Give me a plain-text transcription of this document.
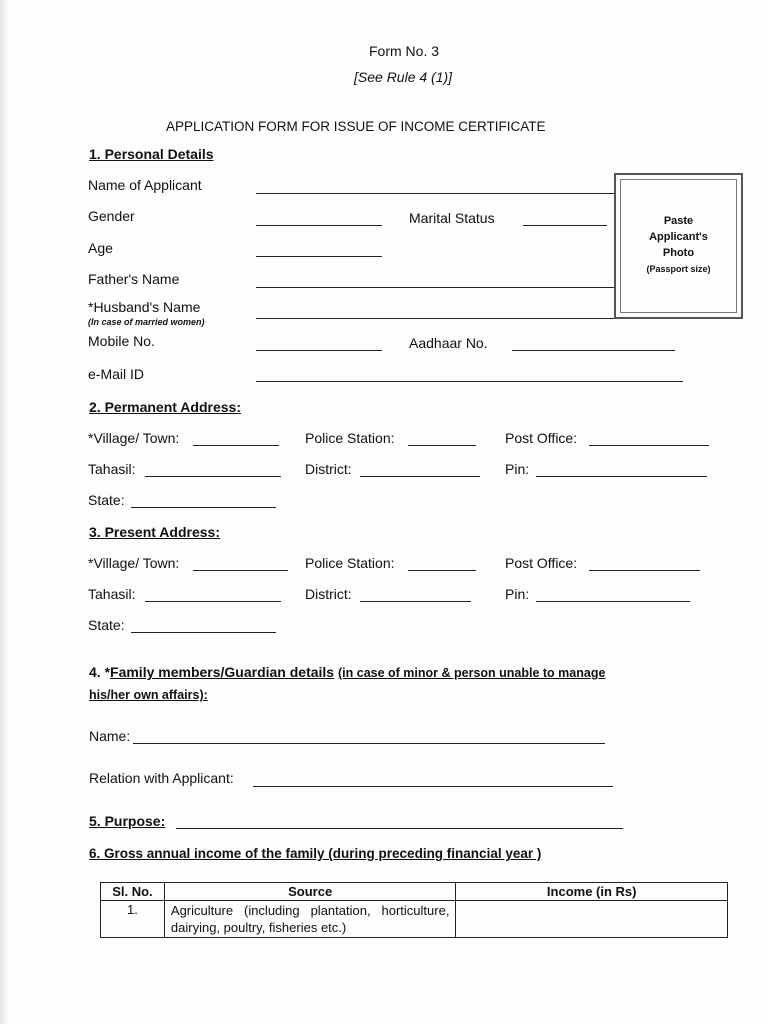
Form No. 3
[See Rule 4 (1)]
APPLICATION FORM FOR ISSUE OF INCOME CERTIFICATE
1. Personal Details
Name of Applicant
Gender	Marital Status
Age
Father's Name
*Husband's Name
(In case of married women)
Mobile No.	Aadhaar No.
e-Mail ID
Paste
Applicant's
Photo
(Passport size)
2. Permanent Address:
*Village/ Town:	Police Station:	Post Office:
Tahasil:	District:	Pin:
State:
3. Present Address:
*Village/ Town:	Police Station:	Post Office:
Tahasil:	District:	Pin:
State:
4. *Family members/Guardian details (in case of minor & person unable to manage
his/her own affairs):
Name:
Relation with Applicant:
5. Purpose:
6. Gross annual income of the family (during preceding financial year )
Sl. No.	Source	Income (in Rs)
1.	Agriculture (including plantation, horticulture, dairying, poultry, fisheries etc.)	
